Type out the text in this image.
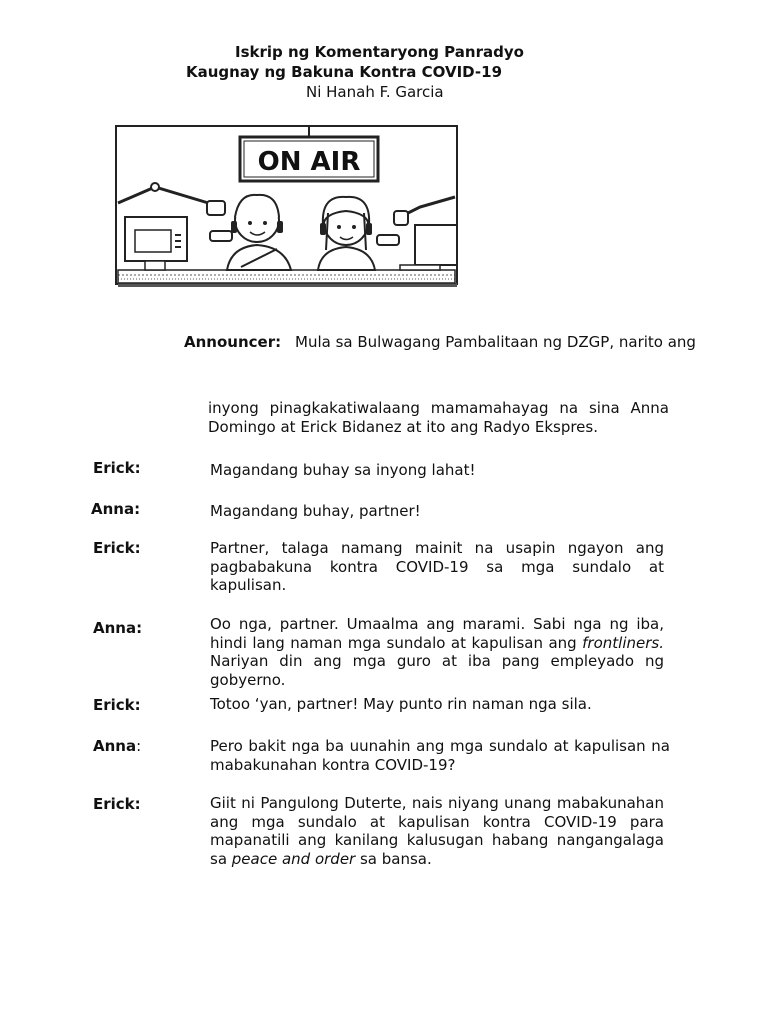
Iskrip ng Komentaryong Panradyo
Kaugnay ng Bakuna Kontra COVID-19
Ni Hanah F. Garcia
ON AIR
Announcer: Mula sa Bulwagang Pambalitaan ng DZGP, narito ang
inyong pinagkakatiwalaang mamamahayag na sina Anna Domingo at Erick Bidanez at ito ang Radyo Ekspres.
Erick:	Magandang buhay sa inyong lahat!
Anna:	Magandang buhay, partner!
Erick:	Partner, talaga namang mainit na usapin ngayon ang pagbabakuna kontra COVID-19 sa mga sundalo at kapulisan.
Anna:	Oo nga, partner. Umaalma ang marami. Sabi nga ng iba, hindi lang naman mga sundalo at kapulisan ang frontliners. Nariyan din ang mga guro at iba pang empleyado ng gobyerno.
Erick:	Totoo ‘yan, partner! May punto rin naman nga sila.
Anna:	Pero bakit nga ba uunahin ang mga sundalo at kapulisan na mabakunahan kontra COVID-19?
Erick:	Giit ni Pangulong Duterte, nais niyang unang mabakunahan ang mga sundalo at kapulisan kontra COVID-19 para mapanatili ang kanilang kalusugan habang nangangalaga sa peace and order sa bansa.
